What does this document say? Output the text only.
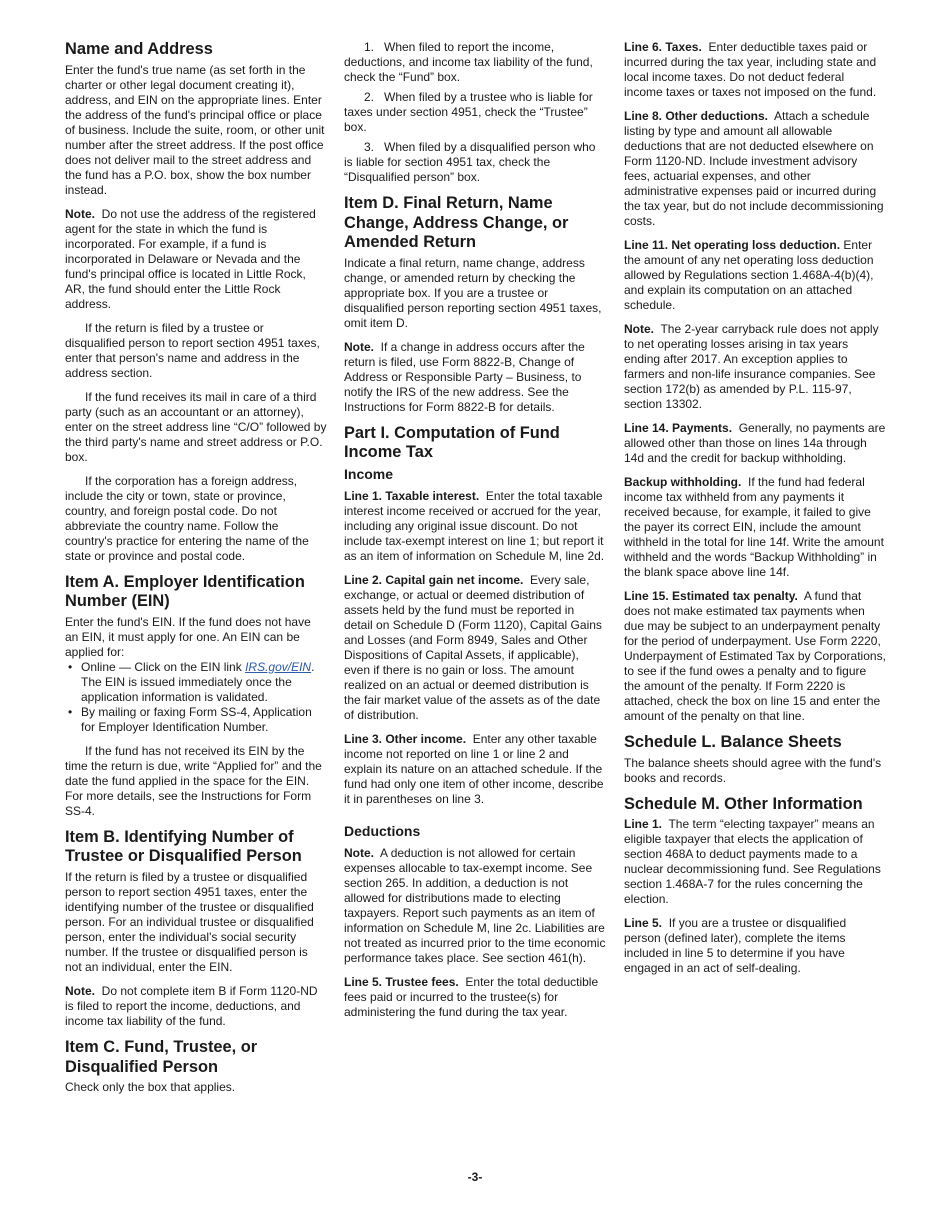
Name and Address

Enter the fund's true name (as set forth in the charter or other legal document creating it), address, and EIN on the appropriate lines. Enter the address of the fund's principal office or place of business. Include the suite, room, or other unit number after the street address. If the post office does not deliver mail to the street address and the fund has a P.O. box, show the box number instead.

Note. Do not use the address of the registered agent for the state in which the fund is incorporated. For example, if a fund is incorporated in Delaware or Nevada and the fund's principal office is located in Little Rock, AR, the fund should enter the Little Rock address.

If the return is filed by a trustee or disqualified person to report section 4951 taxes, enter that person's name and address in the address section.

If the fund receives its mail in care of a third party (such as an accountant or an attorney), enter on the street address line “C/O” followed by the third party's name and street address or P.O. box.

If the corporation has a foreign address, include the city or town, state or province, country, and foreign postal code. Do not abbreviate the country name. Follow the country's practice for entering the name of the state or province and postal code.

Item A. Employer Identification Number (EIN)

Enter the fund's EIN. If the fund does not have an EIN, it must apply for one. An EIN can be applied for:

• Online — Click on the EIN link IRS.gov/EIN. The EIN is issued immediately once the application information is validated.
• By mailing or faxing Form SS-4, Application for Employer Identification Number.

If the fund has not received its EIN by the time the return is due, write “Applied for” and the date the fund applied in the space for the EIN. For more details, see the Instructions for Form SS-4.

Item B. Identifying Number of Trustee or Disqualified Person

If the return is filed by a trustee or disqualified person to report section 4951 taxes, enter the identifying number of the trustee or disqualified person. For an individual trustee or disqualified person, enter the individual's social security number. If the trustee or disqualified person is not an individual, enter the EIN.

Note. Do not complete item B if Form 1120-ND is filed to report the income, deductions, and income tax liability of the fund.

Item C. Fund, Trustee, or Disqualified Person

Check only the box that applies.

1.   When filed to report the income, deductions, and income tax liability of the fund, check the “Fund” box.

2.   When filed by a trustee who is liable for taxes under section 4951, check the “Trustee” box.

3.   When filed by a disqualified person who is liable for section 4951 tax, check the “Disqualified person” box.

Item D. Final Return, Name Change, Address Change, or Amended Return

Indicate a final return, name change, address change, or amended return by checking the appropriate box. If you are a trustee or disqualified person reporting section 4951 taxes, omit item D.

Note. If a change in address occurs after the return is filed, use Form 8822-B, Change of Address or Responsible Party – Business, to notify the IRS of the new address. See the Instructions for Form 8822-B for details.

Part I. Computation of Fund Income Tax
Income

Line 1. Taxable interest. Enter the total taxable interest income received or accrued for the year, including any original issue discount. Do not include tax-exempt interest on line 1; but report it as an item of information on Schedule M, line 2d.

Line 2. Capital gain net income. Every sale, exchange, or actual or deemed distribution of assets held by the fund must be reported in detail on Schedule D (Form 1120), Capital Gains and Losses (and Form 8949, Sales and Other Dispositions of Capital Assets, if applicable), even if there is no gain or loss. The amount realized on an actual or deemed distribution is the fair market value of the assets as of the date of distribution.

Line 3. Other income. Enter any other taxable income not reported on line 1 or line 2 and explain its nature on an attached schedule. If the fund had only one item of other income, describe it in parentheses on line 3.

Deductions

Note. A deduction is not allowed for certain expenses allocable to tax-exempt income. See section 265. In addition, a deduction is not allowed for distributions made to electing taxpayers. Report such payments as an item of information on Schedule M, line 2c. Liabilities are not treated as incurred prior to the time economic performance takes place. See section 461(h).

Line 5. Trustee fees. Enter the total deductible fees paid or incurred to the trustee(s) for administering the fund during the tax year.

Line 6. Taxes. Enter deductible taxes paid or incurred during the tax year, including state and local income taxes. Do not deduct federal income taxes or taxes not imposed on the fund.

Line 8. Other deductions. Attach a schedule listing by type and amount all allowable deductions that are not deducted elsewhere on Form 1120-ND. Include investment advisory fees, actuarial expenses, and other administrative expenses paid or incurred during the tax year, but do not include decommissioning costs.

Line 11. Net operating loss deduction. Enter the amount of any net operating loss deduction allowed by Regulations section 1.468A-4(b)(4), and explain its computation on an attached schedule.

Note. The 2-year carryback rule does not apply to net operating losses arising in tax years ending after 2017. An exception applies to farmers and non-life insurance companies. See section 172(b) as amended by P.L. 115-97, section 13302.

Line 14. Payments. Generally, no payments are allowed other than those on lines 14a through 14d and the credit for backup withholding.

Backup withholding. If the fund had federal income tax withheld from any payments it received because, for example, it failed to give the payer its correct EIN, include the amount withheld in the total for line 14f. Write the amount withheld and the words “Backup Withholding” in the blank space above line 14f.

Line 15. Estimated tax penalty. A fund that does not make estimated tax payments when due may be subject to an underpayment penalty for the period of underpayment. Use Form 2220, Underpayment of Estimated Tax by Corporations, to see if the fund owes a penalty and to figure the amount of the penalty. If Form 2220 is attached, check the box on line 15 and enter the amount of the penalty on that line.

Schedule L. Balance Sheets

The balance sheets should agree with the fund's books and records.

Schedule M. Other Information

Line 1. The term “electing taxpayer” means an eligible taxpayer that elects the application of section 468A to deduct payments made to a nuclear decommissioning fund. See Regulations section 1.468A-7 for the rules concerning the election.

Line 5. If you are a trustee or disqualified person (defined later), complete the items included in line 5 to determine if you have engaged in an act of self-dealing.

-3-
